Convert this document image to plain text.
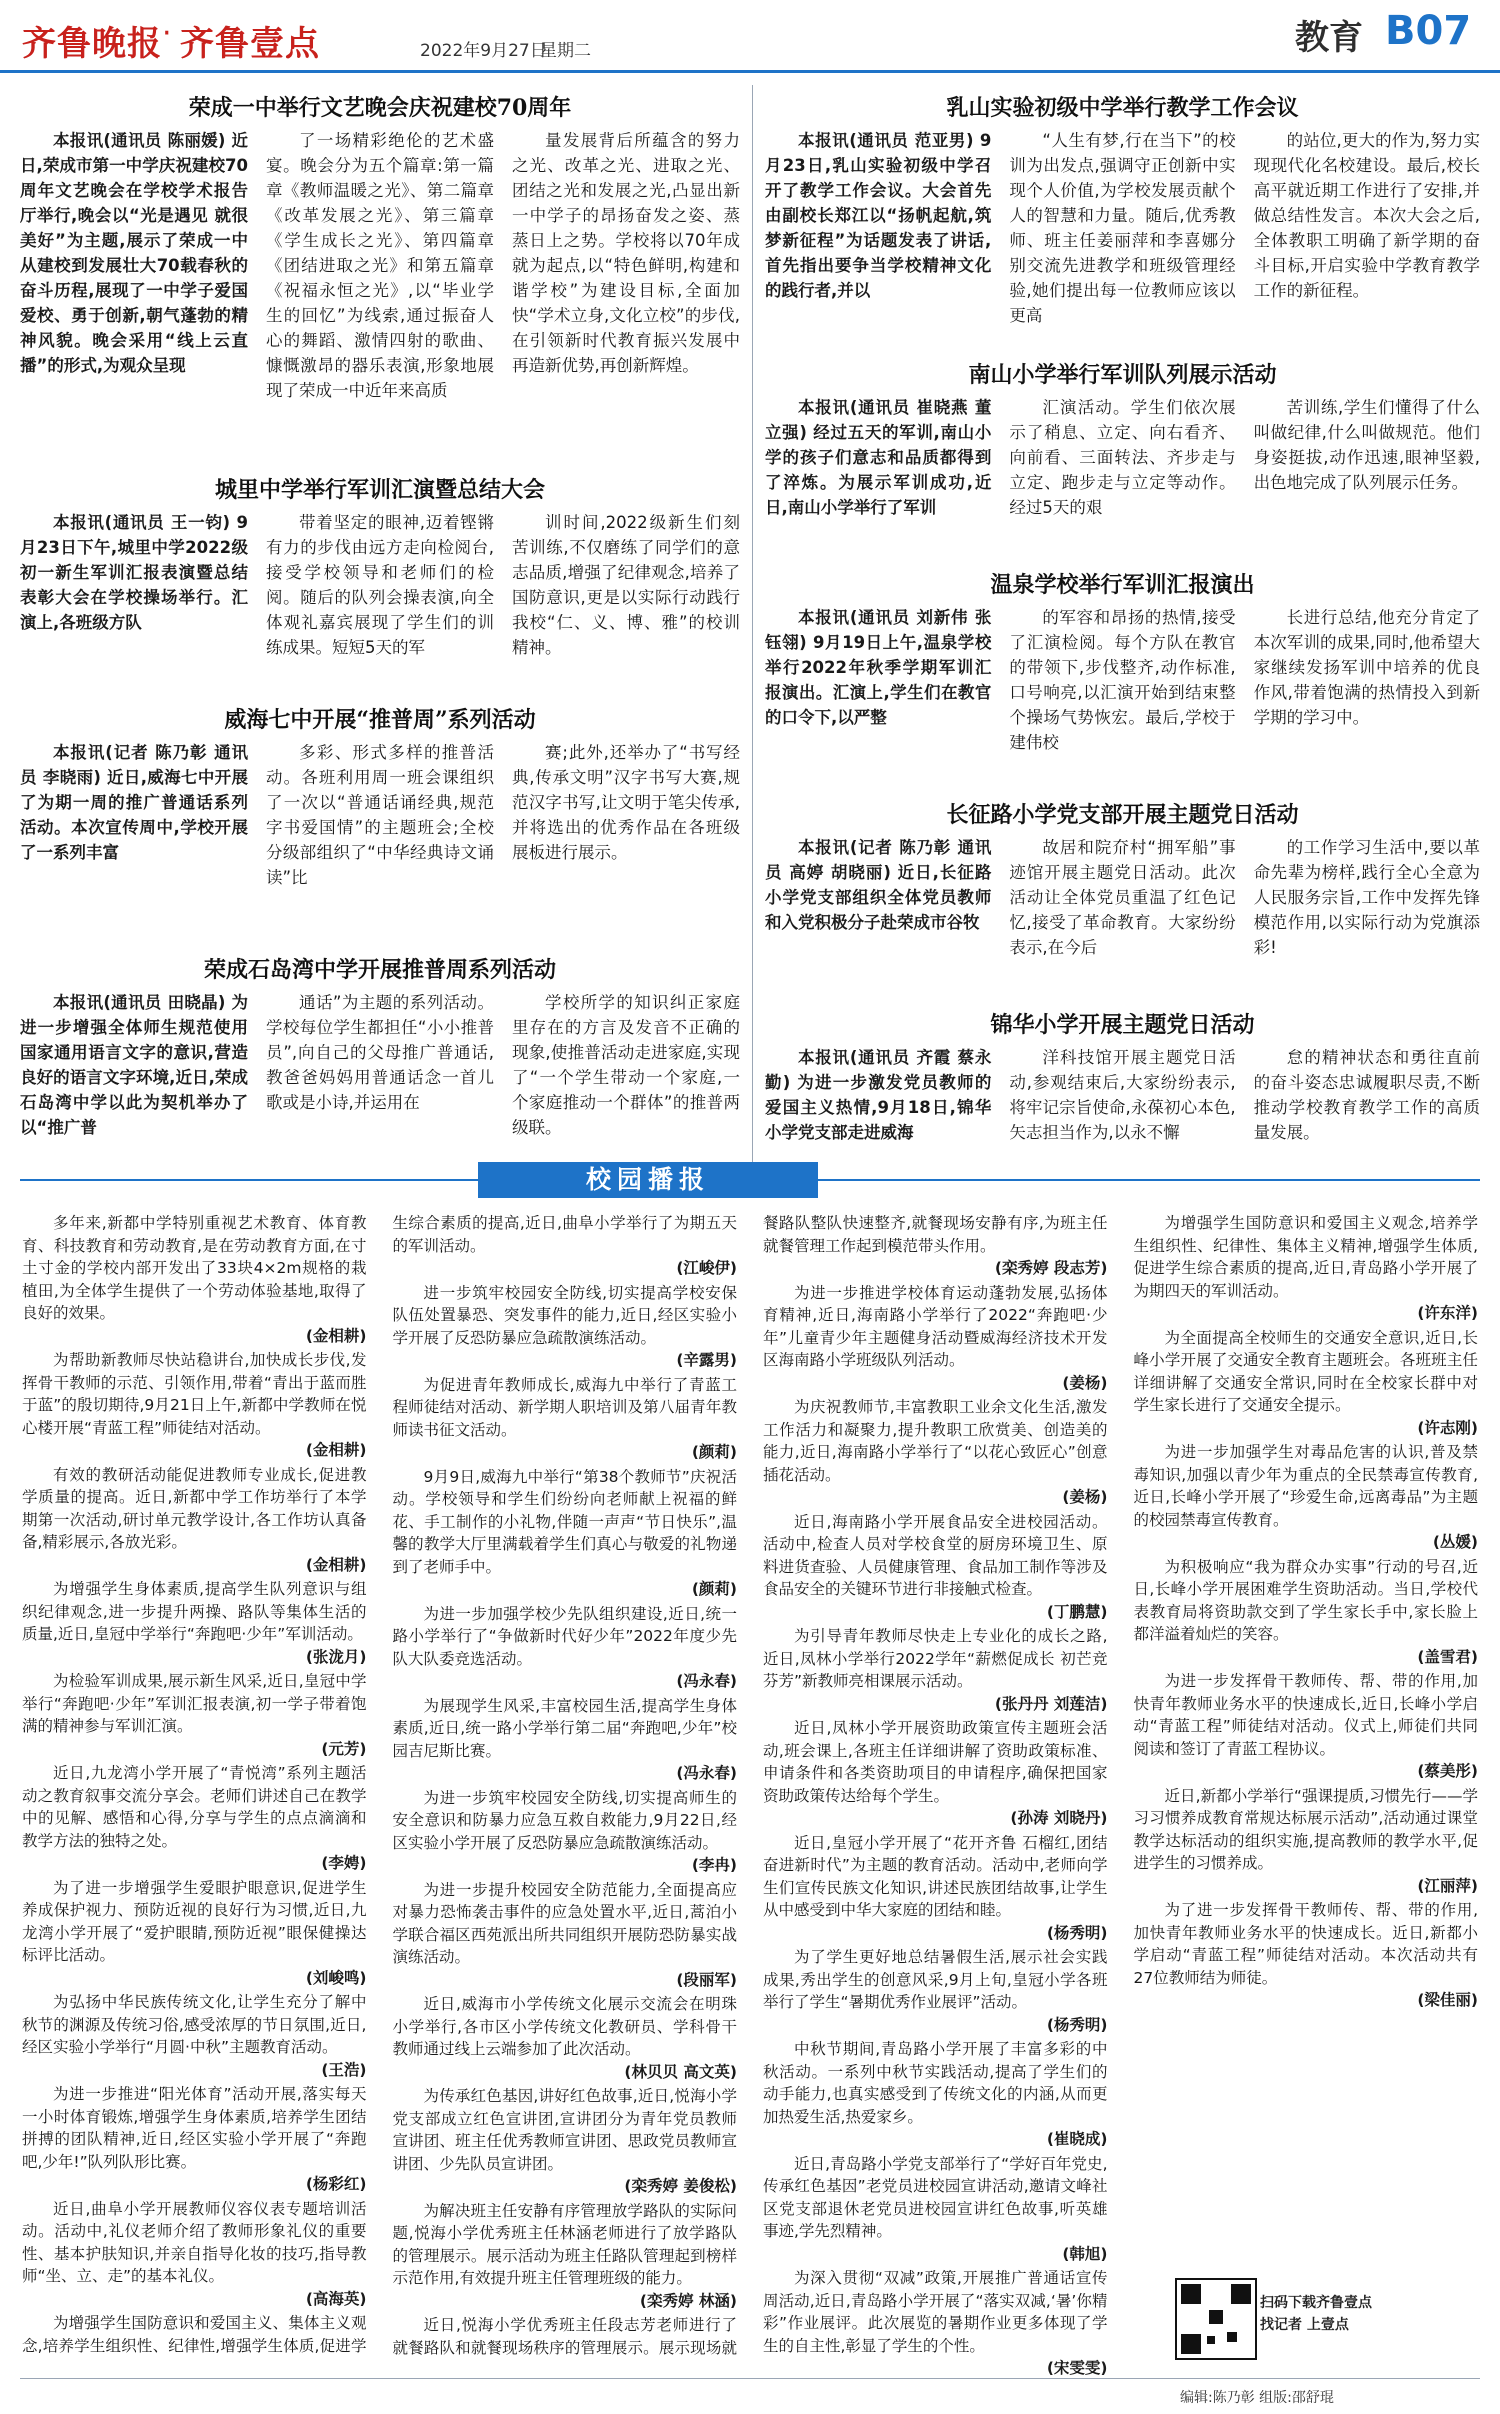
齐鲁晚报 · 齐鲁壹点	2022年9月27日
星期二	教育 B07
荣成一中举行文艺晚会庆祝建校70周年

本报讯(通讯员 陈丽媛) 近日,荣成市第一中学庆祝建校70周年文艺晚会在学校学术报告厅举行,晚会以“光是遇见 就很美好”为主题,展示了荣成一中从建校到发展壮大70载春秋的奋斗历程,展现了一中学子爱国爱校、勇于创新,朝气蓬勃的精神风貌。晚会采用“线上云直播”的形式,为观众呈现

了一场精彩绝伦的艺术盛宴。晚会分为五个篇章:第一篇章《教师温暖之光》、第二篇章《改革发展之光》、第三篇章《学生成长之光》、第四篇章《团结进取之光》和第五篇章《祝福永恒之光》,以“毕业学生的回忆”为线索,通过振奋人心的舞蹈、激情四射的歌曲、慷慨激昂的器乐表演,形象地展现了荣成一中近年来高质

量发展背后所蕴含的努力之光、改革之光、进取之光、团结之光和发展之光,凸显出新一中学子的昂扬奋发之姿、蒸蒸日上之势。学校将以70年成就为起点,以“特色鲜明,构建和谐学校”为建设目标,全面加快“学术立身,文化立校”的步伐,在引领新时代教育振兴发展中再造新优势,再创新辉煌。

城里中学举行军训汇演暨总结大会

本报讯(通讯员 王一钧) 9月23日下午,城里中学2022级初一新生军训汇报表演暨总结表彰大会在学校操场举行。汇演上,各班级方队

带着坚定的眼神,迈着铿锵有力的步伐由远方走向检阅台,接受学校领导和老师们的检阅。随后的队列会操表演,向全体观礼嘉宾展现了学生们的训练成果。短短5天的军

训时间,2022级新生们刻苦训练,不仅磨练了同学们的意志品质,增强了纪律观念,培养了国防意识,更是以实际行动践行我校“仁、义、博、雅”的校训精神。

威海七中开展“推普周”系列活动

本报讯(记者 陈乃彰 通讯员 李晓雨) 近日,威海七中开展了为期一周的推广普通话系列活动。本次宣传周中,学校开展了一系列丰富

多彩、形式多样的推普活动。各班利用周一班会课组织了一次以“普通话诵经典,规范字书爱国情”的主题班会;全校分级部组织了“中华经典诗文诵读”比

赛;此外,还举办了“书写经典,传承文明”汉字书写大赛,规范汉字书写,让文明于笔尖传承,并将选出的优秀作品在各班级展板进行展示。

荣成石岛湾中学开展推普周系列活动

本报讯(通讯员 田晓晶) 为进一步增强全体师生规范使用国家通用语言文字的意识,营造良好的语言文字环境,近日,荣成石岛湾中学以此为契机举办了以“推广普

通话”为主题的系列活动。学校每位学生都担任“小小推普员”,向自己的父母推广普通话,教爸爸妈妈用普通话念一首儿歌或是小诗,并运用在

学校所学的知识纠正家庭里存在的方言及发音不正确的现象,使推普活动走进家庭,实现了“一个学生带动一个家庭,一个家庭推动一个群体”的推普两级联。

乳山实验初级中学举行教学工作会议

本报讯(通讯员 范亚男) 9月23日,乳山实验初级中学召开了教学工作会议。大会首先由副校长郑江以“扬帆起航,筑梦新征程”为话题发表了讲话,首先指出要争当学校精神文化的践行者,并以

“人生有梦,行在当下”的校训为出发点,强调守正创新中实现个人价值,为学校发展贡献个人的智慧和力量。随后,优秀教师、班主任姜丽萍和李喜娜分别交流先进教学和班级管理经验,她们提出每一位教师应该以更高

的站位,更大的作为,努力实现现代化名校建设。最后,校长高平就近期工作进行了安排,并做总结性发言。本次大会之后,全体教职工明确了新学期的奋斗目标,开启实验中学教育教学工作的新征程。

南山小学举行军训队列展示活动

本报讯(通讯员 崔晓燕 董立强) 经过五天的军训,南山小学的孩子们意志和品质都得到了淬炼。为展示军训成功,近日,南山小学举行了军训

汇演活动。学生们依次展示了稍息、立定、向右看齐、向前看、三面转法、齐步走与立定、跑步走与立定等动作。经过5天的艰

苦训练,学生们懂得了什么叫做纪律,什么叫做规范。他们身姿挺拔,动作迅速,眼神坚毅,出色地完成了队列展示任务。

温泉学校举行军训汇报演出

本报讯(通讯员 刘新伟 张钰翎) 9月19日上午,温泉学校举行2022年秋季学期军训汇报演出。汇演上,学生们在教官的口令下,以严整

的军容和昂扬的热情,接受了汇演检阅。每个方队在教官的带领下,步伐整齐,动作标准,口号响亮,以汇演开始到结束整个操场气势恢宏。最后,学校于建伟校

长进行总结,他充分肯定了本次军训的成果,同时,他希望大家继续发扬军训中培养的优良作风,带着饱满的热情投入到新学期的学习中。

长征路小学党支部开展主题党日活动

本报讯(记者 陈乃彰 通讯员 高婷 胡晓丽) 近日,长征路小学党支部组织全体党员教师和入党积极分子赴荣成市谷牧

故居和院夼村“拥军船”事迹馆开展主题党日活动。此次活动让全体党员重温了红色记忆,接受了革命教育。大家纷纷表示,在今后

的工作学习生活中,要以革命先辈为榜样,践行全心全意为人民服务宗旨,工作中发挥先锋模范作用,以实际行动为党旗添彩!

锦华小学开展主题党日活动

本报讯(通讯员 齐霞 蔡永勤) 为进一步激发党员教师的爱国主义热情,9月18日,锦华小学党支部走进威海

洋科技馆开展主题党日活动,参观结束后,大家纷纷表示,将牢记宗旨使命,永葆初心本色,矢志担当作为,以永不懈

怠的精神状态和勇往直前的奋斗姿态忠诚履职尽责,不断推动学校教育教学工作的高质量发展。

校园播报

多年来,新都中学特别重视艺术教育、体育教育、科技教育和劳动教育,是在劳动教育方面,在寸土寸金的学校内部开发出了33块4×2m规格的栽植田,为全体学生提供了一个劳动体验基地,取得了良好的效果。

(金相耕)

为帮助新教师尽快站稳讲台,加快成长步伐,发挥骨干教师的示范、引领作用,带着“青出于蓝而胜于蓝”的殷切期待,9月21日上午,新都中学教师在悦心楼开展“青蓝工程”师徒结对活动。

(金相耕)

有效的教研活动能促进教师专业成长,促进教学质量的提高。近日,新都中学工作坊举行了本学期第一次活动,研讨单元教学设计,各工作坊认真备备,精彩展示,各放光彩。

(金相耕)

为增强学生身体素质,提高学生队列意识与组织纪律观念,进一步提升两操、路队等集体生活的质量,近日,皇冠中学举行“奔跑吧·少年”军训活动。

(张泷月)

为检验军训成果,展示新生风采,近日,皇冠中学举行“奔跑吧·少年”军训汇报表演,初一学子带着饱满的精神参与军训汇演。

(元芳)

近日,九龙湾小学开展了“青悦湾”系列主题活动之教育叙事交流分享会。老师们讲述自己在教学中的见解、感悟和心得,分享与学生的点点滴滴和教学方法的独特之处。

(李娉)

为了进一步增强学生爱眼护眼意识,促进学生养成保护视力、预防近视的良好行为习惯,近日,九龙湾小学开展了“爱护眼睛,预防近视”眼保健操达标评比活动。

(刘峻鸣)

为弘扬中华民族传统文化,让学生充分了解中秋节的渊源及传统习俗,感受浓厚的节日氛围,近日,经区实验小学举行“月圆·中秋”主题教育活动。

(王浩)

为进一步推进“阳光体育”活动开展,落实每天一小时体育锻炼,增强学生身体素质,培养学生团结拼搏的团队精神,近日,经区实验小学开展了“奔跑吧,少年!”队列队形比赛。

(杨彩红)

近日,曲阜小学开展教师仪容仪表专题培训活动。活动中,礼仪老师介绍了教师形象礼仪的重要性、基本护肤知识,并亲自指导化妆的技巧,指导教师“坐、立、走”的基本礼仪。

(高海英)

为增强学生国防意识和爱国主义、集体主义观念,培养学生组织性、纪律性,增强学生体质,促进学生综合素质的提高,近日,曲阜小学举行了为期五天的军训活动。

(江峻伊)

进一步筑牢校园安全防线,切实提高学校安保队伍处置暴恐、突发事件的能力,近日,经区实验小学开展了反恐防暴应急疏散演练活动。

(辛露男)

为促进青年教师成长,威海九中举行了青蓝工程师徒结对活动、新学期人职培训及第八届青年教师读书征文活动。

(颜莉)

9月9日,威海九中举行“第38个教师节”庆祝活动。学校领导和学生们纷纷向老师献上祝福的鲜花、手工制作的小礼物,伴随一声声“节日快乐”,温馨的教学大厅里满载着学生们真心与敬爱的礼物递到了老师手中。

(颜莉)

为进一步加强学校少先队组织建设,近日,统一路小学举行了“争做新时代好少年”2022年度少先队大队委竞选活动。

(冯永春)

为展现学生风采,丰富校园生活,提高学生身体素质,近日,统一路小学举行第二届“奔跑吧,少年”校园吉尼斯比赛。

(冯永春)

为进一步筑牢校园安全防线,切实提高师生的安全意识和防暴力应急互救自救能力,9月22日,经区实验小学开展了反恐防暴应急疏散演练活动。

(李冉)

为进一步提升校园安全防范能力,全面提高应对暴力恐怖袭击事件的应急处置水平,近日,蒿泊小学联合福区西苑派出所共同组织开展防恐防暴实战演练活动。

(段丽军)

近日,威海市小学传统文化展示交流会在明珠小学举行,各市区小学传统文化教研员、学科骨干教师通过线上云端参加了此次活动。

(林贝贝 高文英)

为传承红色基因,讲好红色故事,近日,悦海小学党支部成立红色宣讲团,宣讲团分为青年党员教师宣讲团、班主任优秀教师宣讲团、思政党员教师宣讲团、少先队员宣讲团。

(栾秀婷 姜俊松)

为解决班主任安静有序管理放学路队的实际问题,悦海小学优秀班主任林涵老师进行了放学路队的管理展示。展示活动为班主任路队管理起到榜样示范作用,有效提升班主任管理班级的能力。

(栾秀婷 林涵)

近日,悦海小学优秀班主任段志芳老师进行了就餐路队和就餐现场秩序的管理展示。展示现场就餐路队整队快速整齐,就餐现场安静有序,为班主任就餐管理工作起到模范带头作用。

(栾秀婷 段志芳)

为进一步推进学校体育运动蓬勃发展,弘扬体育精神,近日,海南路小学举行了2022“奔跑吧·少年”儿童青少年主题健身活动暨威海经济技术开发区海南路小学班级队列活动。

(姜杨)

为庆祝教师节,丰富教职工业余文化生活,激发工作活力和凝聚力,提升教职工欣赏美、创造美的能力,近日,海南路小学举行了“以花心致匠心”创意插花活动。

(姜杨)

近日,海南路小学开展食品安全进校园活动。活动中,检查人员对学校食堂的厨房环境卫生、原料进货查验、人员健康管理、食品加工制作等涉及食品安全的关键环节进行非接触式检查。

(丁鹏慧)

为引导青年教师尽快走上专业化的成长之路,近日,凤林小学举行2022学年“薪燃促成长 初芒竞芬芳”新教师亮相课展示活动。

(张丹丹 刘莲洁)

近日,凤林小学开展资助政策宣传主题班会活动,班会课上,各班主任详细讲解了资助政策标准、申请条件和各类资助项目的申请程序,确保把国家资助政策传达给每个学生。

(孙涛 刘晓丹)

近日,皇冠小学开展了“花开齐鲁 石榴红,团结奋进新时代”为主题的教育活动。活动中,老师向学生们宣传民族文化知识,讲述民族团结故事,让学生从中感受到中华大家庭的团结和睦。

(杨秀明)

为了学生更好地总结暑假生活,展示社会实践成果,秀出学生的创意风采,9月上旬,皇冠小学各班举行了学生“暑期优秀作业展评”活动。

(杨秀明)

中秋节期间,青岛路小学开展了丰富多彩的中秋活动。一系列中秋节实践活动,提高了学生们的动手能力,也真实感受到了传统文化的内涵,从而更加热爱生活,热爱家乡。

(崔晓成)

近日,青岛路小学党支部举行了“学好百年党史,传承红色基因”老党员进校园宣讲活动,邀请文峰社区党支部退休老党员进校园宣讲红色故事,听英雄事迹,学先烈精神。

(韩旭)

为深入贯彻“双减”政策,开展推广普通话宣传周活动,近日,青岛路小学开展了“落实双减,‘暑’你精彩”作业展评。此次展览的暑期作业更多体现了学生的自主性,彰显了学生的个性。

(宋雯雯)

为增强学生国防意识和爱国主义观念,培养学生组织性、纪律性、集体主义精神,增强学生体质,促进学生综合素质的提高,近日,青岛路小学开展了为期四天的军训活动。

(许东洋)

为全面提高全校师生的交通安全意识,近日,长峰小学开展了交通安全教育主题班会。各班班主任详细讲解了交通安全常识,同时在全校家长群中对学生家长进行了交通安全提示。

(许志刚)

为进一步加强学生对毒品危害的认识,普及禁毒知识,加强以青少年为重点的全民禁毒宣传教育,近日,长峰小学开展了“珍爱生命,远离毒品”为主题的校园禁毒宣传教育。

(丛媛)

为积极响应“我为群众办实事”行动的号召,近日,长峰小学开展困难学生资助活动。当日,学校代表教育局将资助款交到了学生家长手中,家长脸上都洋溢着灿烂的笑容。

(盖雪君)

为进一步发挥骨干教师传、帮、带的作用,加快青年教师业务水平的快速成长,近日,长峰小学启动“青蓝工程”师徒结对活动。仪式上,师徒们共同阅读和签订了青蓝工程协议。

(蔡美彤)

近日,新都小学举行“强课提质,习惯先行——学习习惯养成教育常规达标展示活动”,活动通过课堂教学达标活动的组织实施,提高教师的教学水平,促进学生的习惯养成。

(江丽萍)

为了进一步发挥骨干教师传、帮、带的作用,加快青年教师业务水平的快速成长。近日,新都小学启动“青蓝工程”师徒结对活动。本次活动共有27位教师结为师徒。

(梁佳丽)

扫码下载齐鲁壹点
找记者 上壹点
编辑:陈乃彰 组版:邵舒琨
